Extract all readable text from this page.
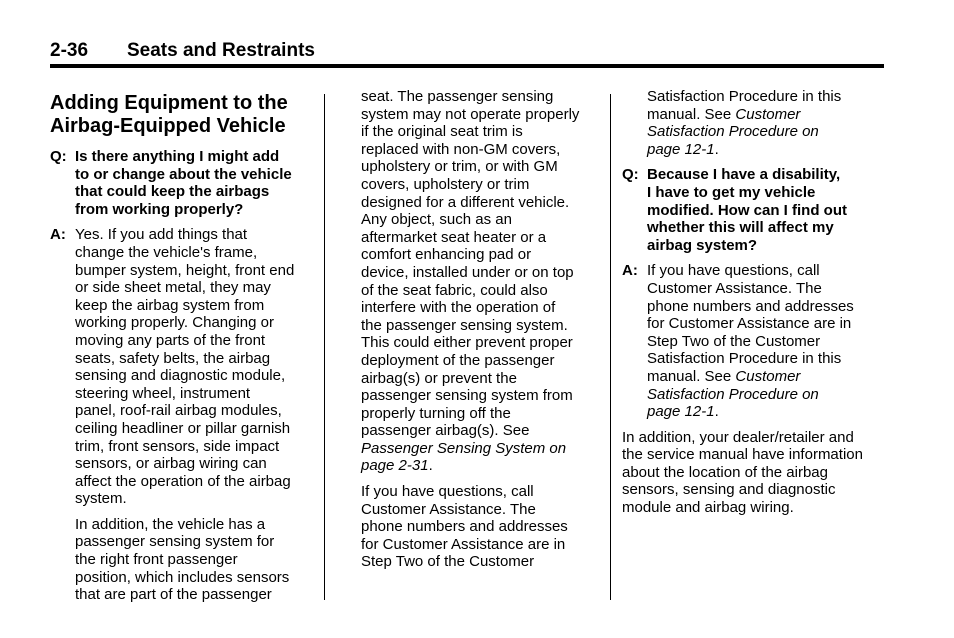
2-36 Seats and Restraints
Adding Equipment to the
Airbag-Equipped Vehicle
Q: Is there anything I might add
to or change about the vehicle
that could keep the airbags
from working properly?
A: Yes. If you add things that
change the vehicle's frame,
bumper system, height, front end
or side sheet metal, they may
keep the airbag system from
working properly. Changing or
moving any parts of the front
seats, safety belts, the airbag
sensing and diagnostic module,
steering wheel, instrument
panel, roof-rail airbag modules,
ceiling headliner or pillar garnish
trim, front sensors, side impact
sensors, or airbag wiring can
affect the operation of the airbag
system.
In addition, the vehicle has a
passenger sensing system for
the right front passenger
position, which includes sensors
that are part of the passenger
seat. The passenger sensing
system may not operate properly
if the original seat trim is
replaced with non-GM covers,
upholstery or trim, or with GM
covers, upholstery or trim
designed for a different vehicle.
Any object, such as an
aftermarket seat heater or a
comfort enhancing pad or
device, installed under or on top
of the seat fabric, could also
interfere with the operation of
the passenger sensing system.
This could either prevent proper
deployment of the passenger
airbag(s) or prevent the
passenger sensing system from
properly turning off the
passenger airbag(s). See
Passenger Sensing System on
page 2-31.
If you have questions, call
Customer Assistance. The
phone numbers and addresses
for Customer Assistance are in
Step Two of the Customer
Satisfaction Procedure in this
manual. See Customer
Satisfaction Procedure on
page 12-1.
Q: Because I have a disability,
I have to get my vehicle
modified. How can I find out
whether this will affect my
airbag system?
A: If you have questions, call
Customer Assistance. The
phone numbers and addresses
for Customer Assistance are in
Step Two of the Customer
Satisfaction Procedure in this
manual. See Customer
Satisfaction Procedure on
page 12-1.
In addition, your dealer/retailer and
the service manual have information
about the location of the airbag
sensors, sensing and diagnostic
module and airbag wiring.
